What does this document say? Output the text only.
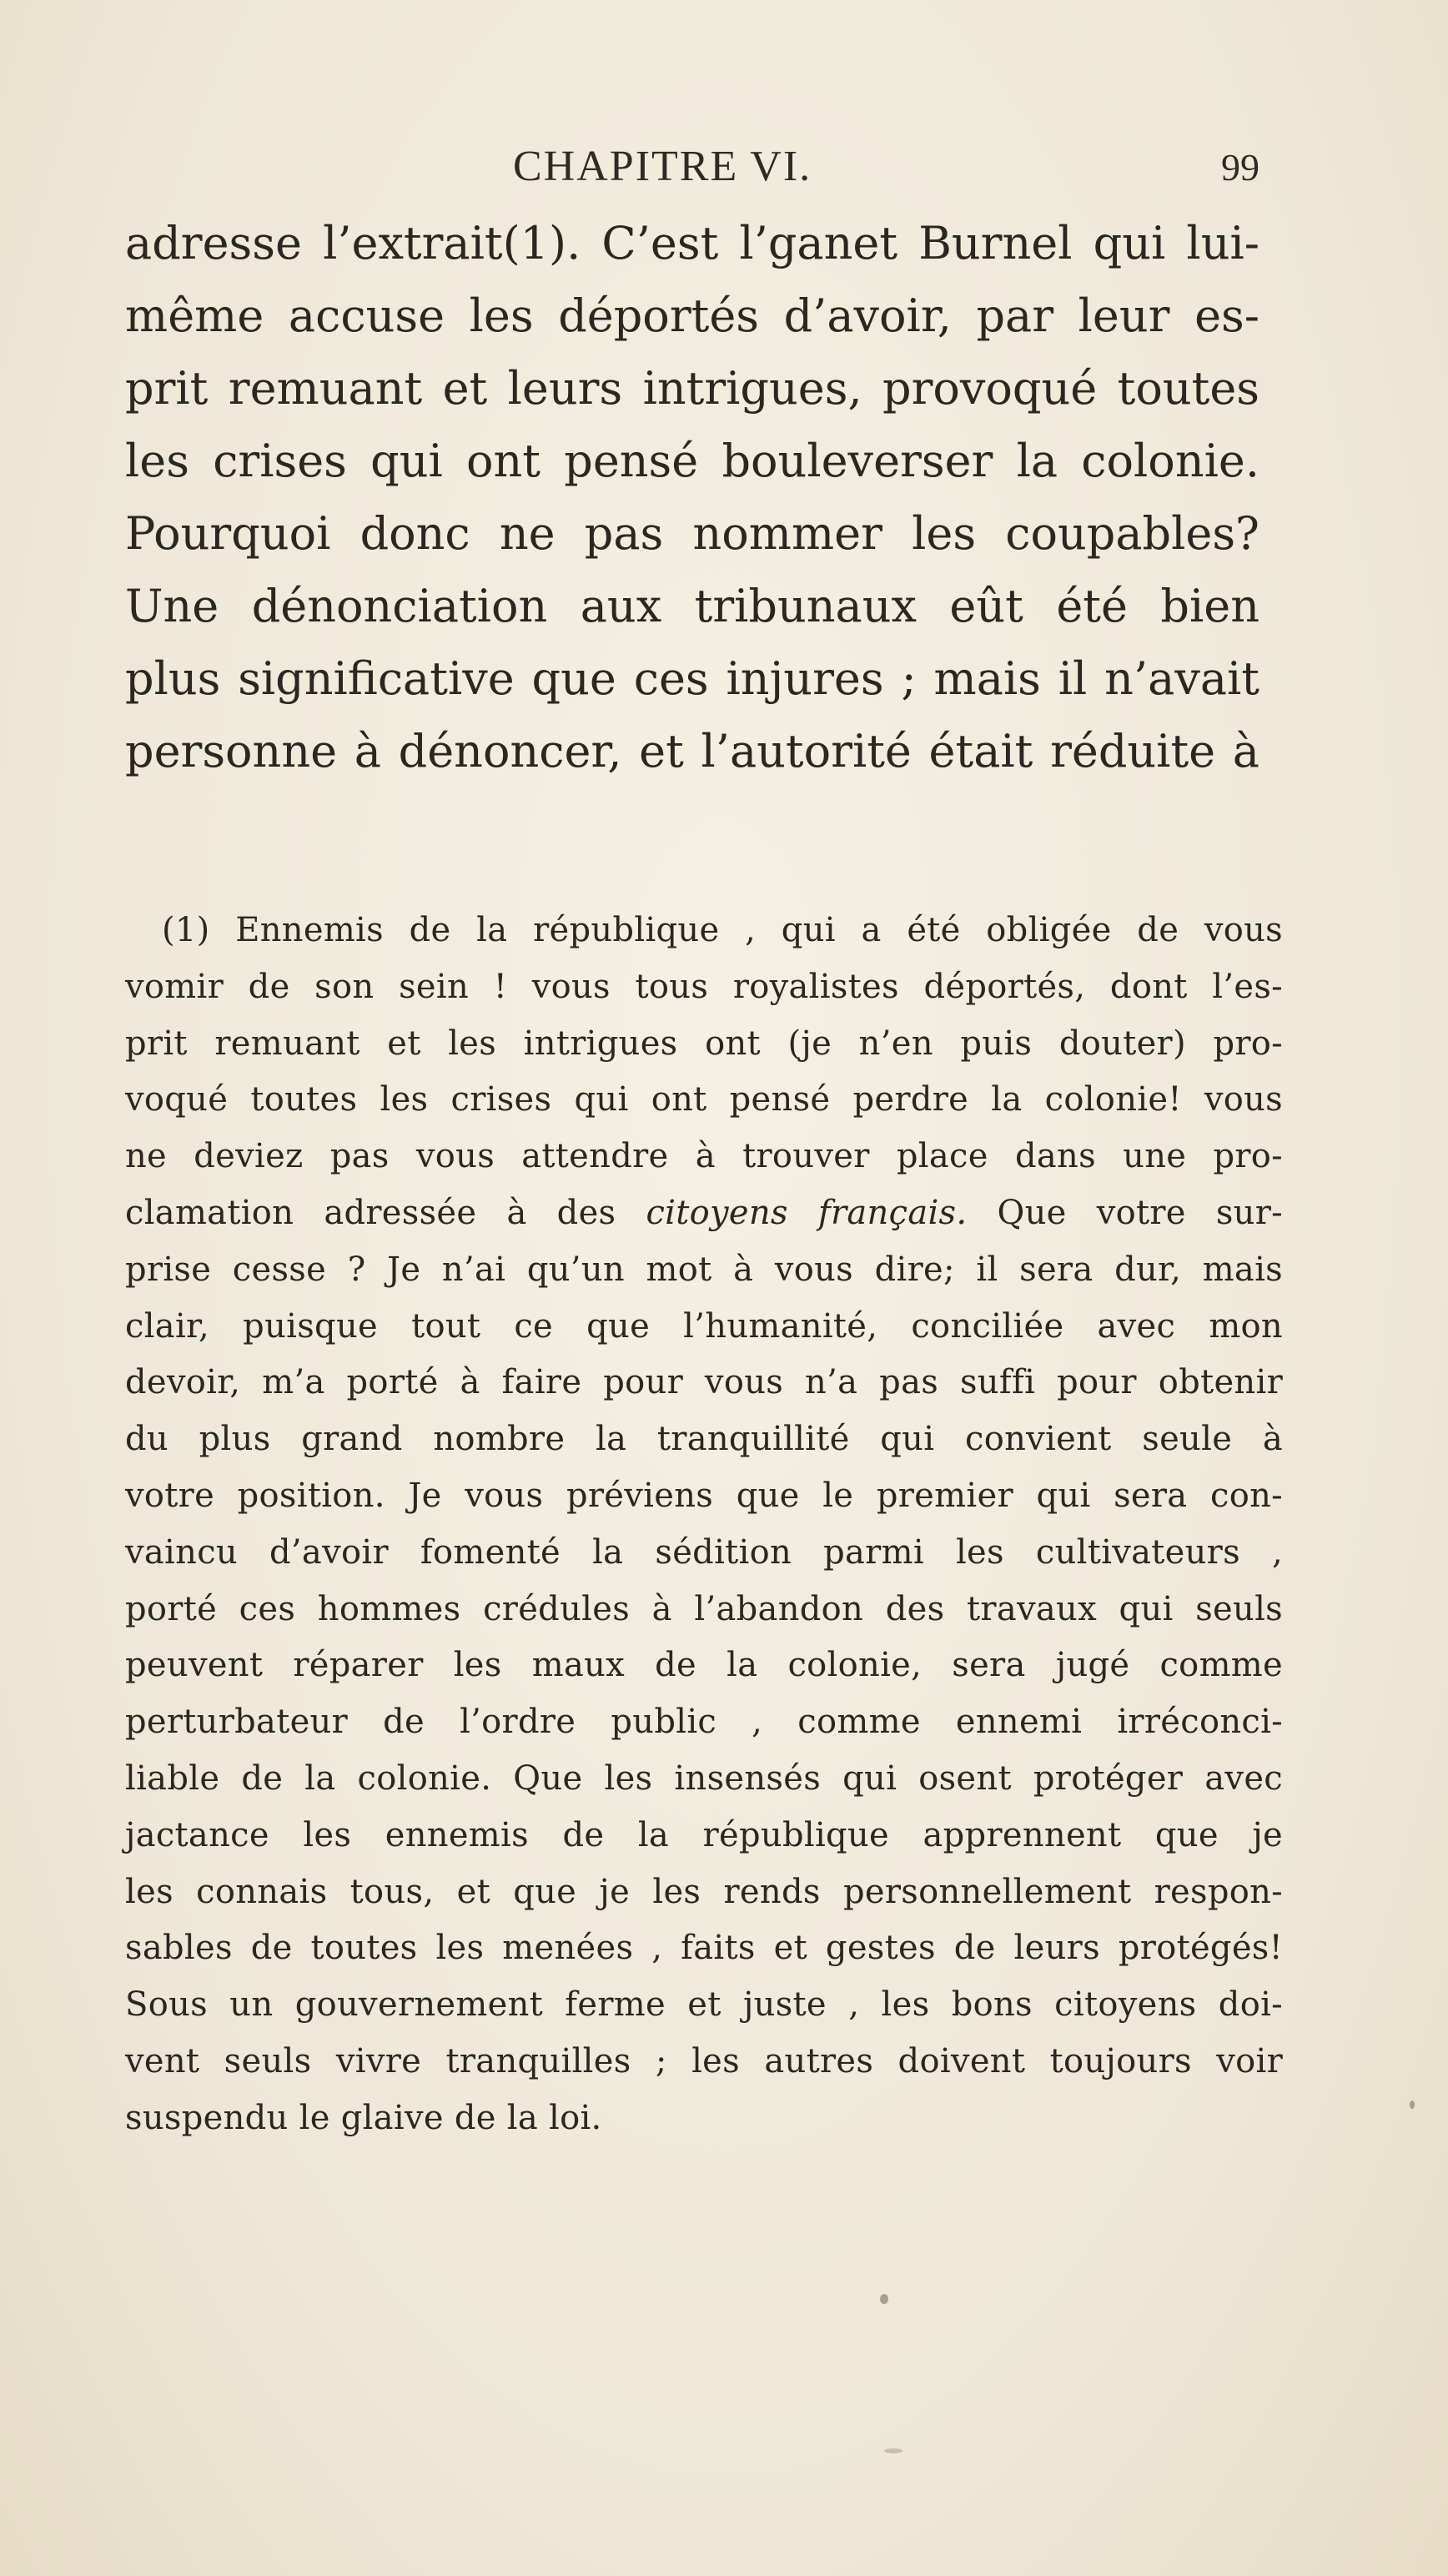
CHAPITRE VI.	99
adresse l’extrait(1). C’est l’ganet Burnel qui lui-
même accuse les déportés d’avoir, par leur es-
prit remuant et leurs intrigues, provoqué toutes
les crises qui ont pensé bouleverser la colonie.
Pourquoi donc ne pas nommer les coupables?
Une dénonciation aux tribunaux eût été bien
plus significative que ces injures ; mais il n’avait
personne à dénoncer, et l’autorité était réduite à
(1) Ennemis de la république , qui a été obligée de vous
vomir de son sein ! vous tous royalistes déportés, dont l’es-
prit remuant et les intrigues ont (je n’en puis douter) pro-
voqué toutes les crises qui ont pensé perdre la colonie! vous
ne deviez pas vous attendre à trouver place dans une pro-
clamation adressée à des citoyens français. Que votre sur-
prise cesse ? Je n’ai qu’un mot à vous dire; il sera dur, mais
clair, puisque tout ce que l’humanité, conciliée avec mon
devoir, m’a porté à faire pour vous n’a pas suffi pour obtenir
du plus grand nombre la tranquillité qui convient seule à
votre position. Je vous préviens que le premier qui sera con-
vaincu d’avoir fomenté la sédition parmi les cultivateurs ,
porté ces hommes crédules à l’abandon des travaux qui seuls
peuvent réparer les maux de la colonie, sera jugé comme
perturbateur de l’ordre public , comme ennemi irréconci-
liable de la colonie. Que les insensés qui osent protéger avec
jactance les ennemis de la république apprennent que je
les connais tous, et que je les rends personnellement respon-
sables de toutes les menées , faits et gestes de leurs protégés!
Sous un gouvernement ferme et juste , les bons citoyens doi-
vent seuls vivre tranquilles ; les autres doivent toujours voir
suspendu le glaive de la loi.
